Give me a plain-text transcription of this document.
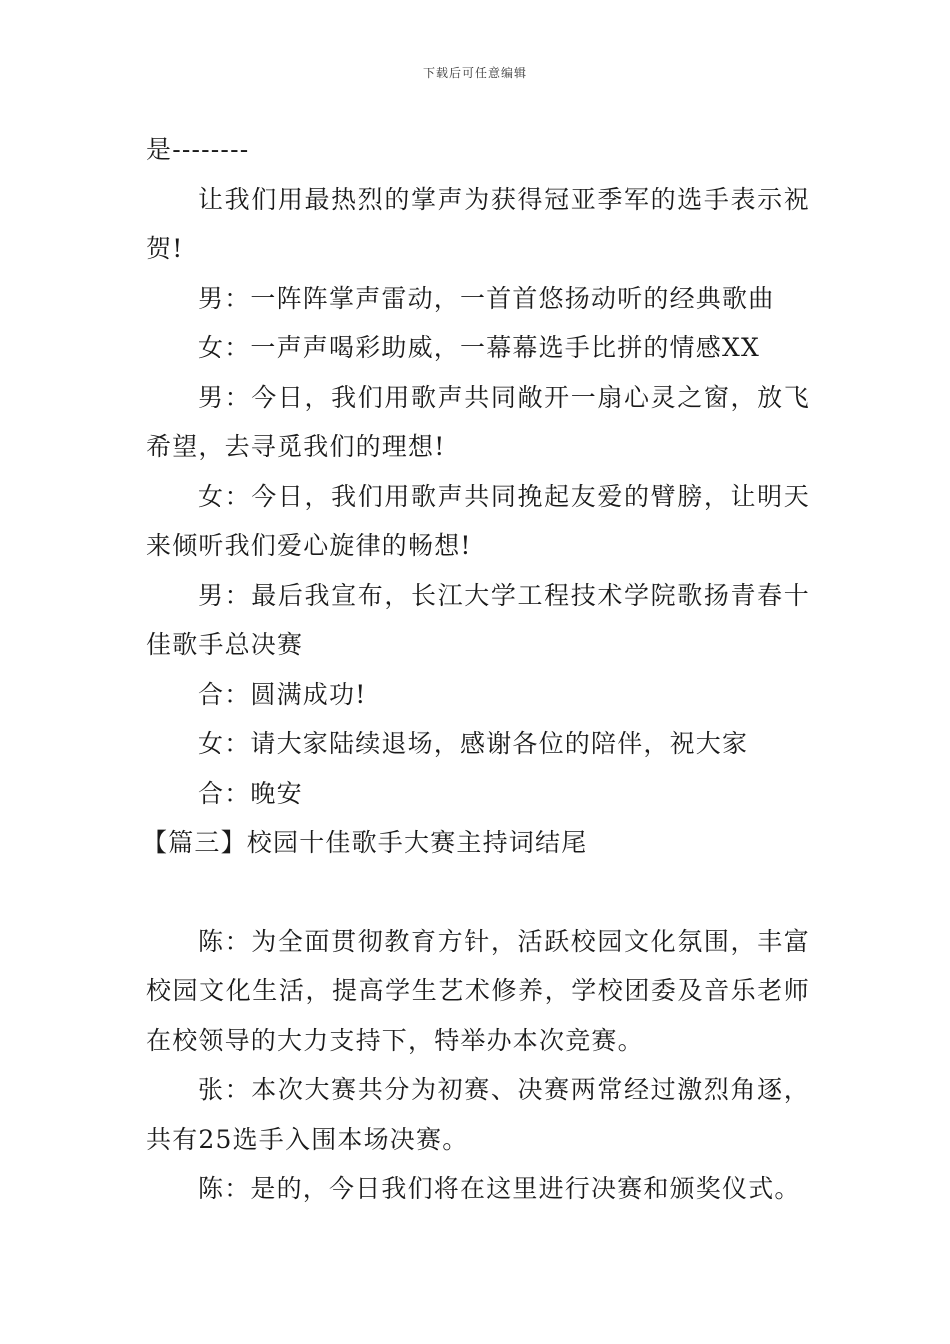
下载后可任意编辑

是--------

让我们用最热烈的掌声为获得冠亚季军的选手表示祝贺!

男：一阵阵掌声雷动，一首首悠扬动听的经典歌曲

女：一声声喝彩助威，一幕幕选手比拼的情感XX

男：今日，我们用歌声共同敞开一扇心灵之窗，放飞希望，去寻觅我们的理想!

女：今日，我们用歌声共同挽起友爱的臂膀，让明天来倾听我们爱心旋律的畅想!

男：最后我宣布，长江大学工程技术学院歌扬青春十佳歌手总决赛

合：圆满成功!

女：请大家陆续退场，感谢各位的陪伴，祝大家

合：晚安

【篇三】校园十佳歌手大赛主持词结尾

陈：为全面贯彻教育方针，活跃校园文化氛围，丰富校园文化生活，提高学生艺术修养，学校团委及音乐老师在校领导的大力支持下，特举办本次竞赛。

张：本次大赛共分为初赛、决赛两常经过激烈角逐，共有25选手入围本场决赛。

陈：是的，今日我们将在这里进行决赛和颁奖仪式。
